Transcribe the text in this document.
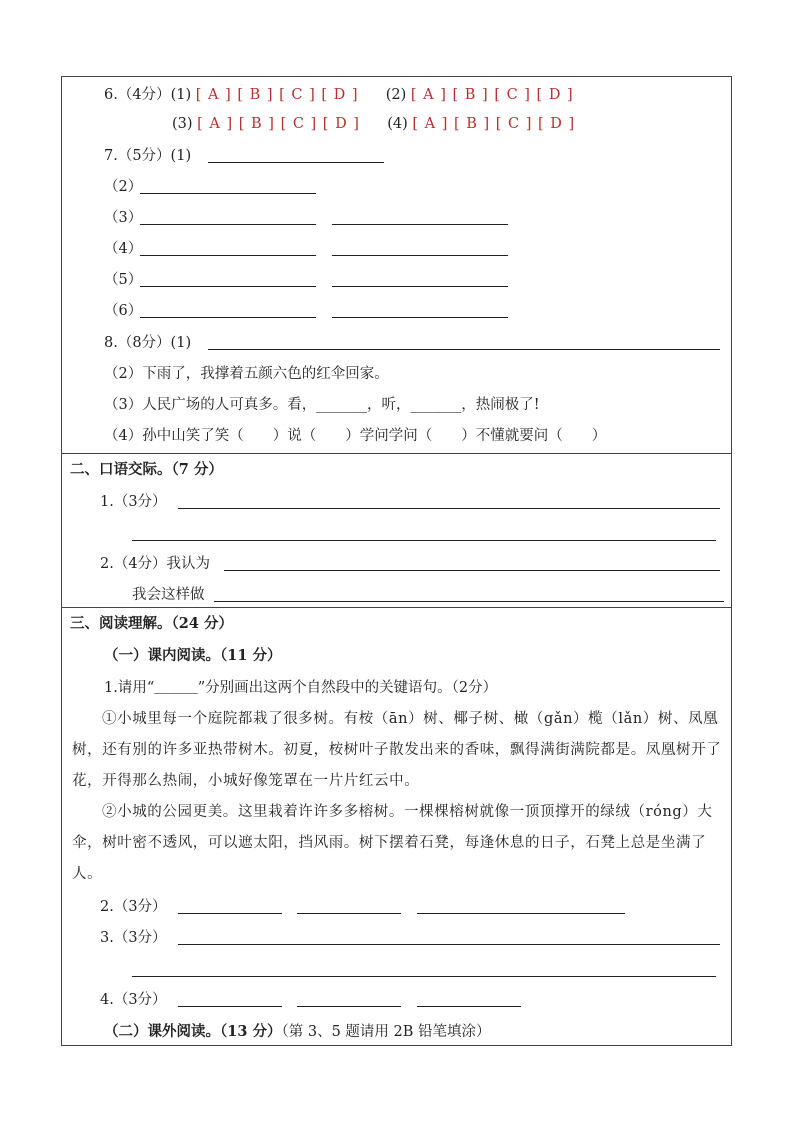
6.（4分）(1) [ A ] [ B ] [ C ] [ D ] (2) [ A ] [ B ] [ C ] [ D ]
(3) [ A ] [ B ] [ C ] [ D ] (4) [ A ] [ B ] [ C ] [ D ]
7.（5分）(1)
（2）
（3）
（4）
（5）
（6）
8.（8分）(1)
（2）下雨了，我撑着五颜六色的红伞回家。
（3）人民广场的人可真多。看，_______，听，_______，热闹极了!
（4）孙中山笑了笑（　　）说（　　）学问学问（　　）不懂就要问（　　）
二、口语交际。（7 分）
1.（3分）
2.（4分）我认为
我会这样做
三、阅读理解。（24 分）
（一）课内阅读。（11 分）
1.请用“＿＿＿”分别画出这两个自然段中的关键语句。（2分）
①小城里每一个庭院都栽了很多树。有桉（ān）树、椰子树、橄（gǎn）榄（lǎn）树、凤凰树，还有别的许多亚热带树木。初夏，桉树叶子散发出来的香味，飘得满街满院都是。凤凰树开了花，开得那么热闹，小城好像笼罩在一片片红云中。
②小城的公园更美。这里栽着许许多多榕树。一棵棵榕树就像一顶顶撑开的绿绒（róng）大伞，树叶密不透风，可以遮太阳，挡风雨。树下摆着石凳，每逢休息的日子，石凳上总是坐满了人。
2.（3分）
3.（3分）
4.（3分）
（二）课外阅读。（13 分）（第 3、5 题请用 2B 铅笔填涂）
